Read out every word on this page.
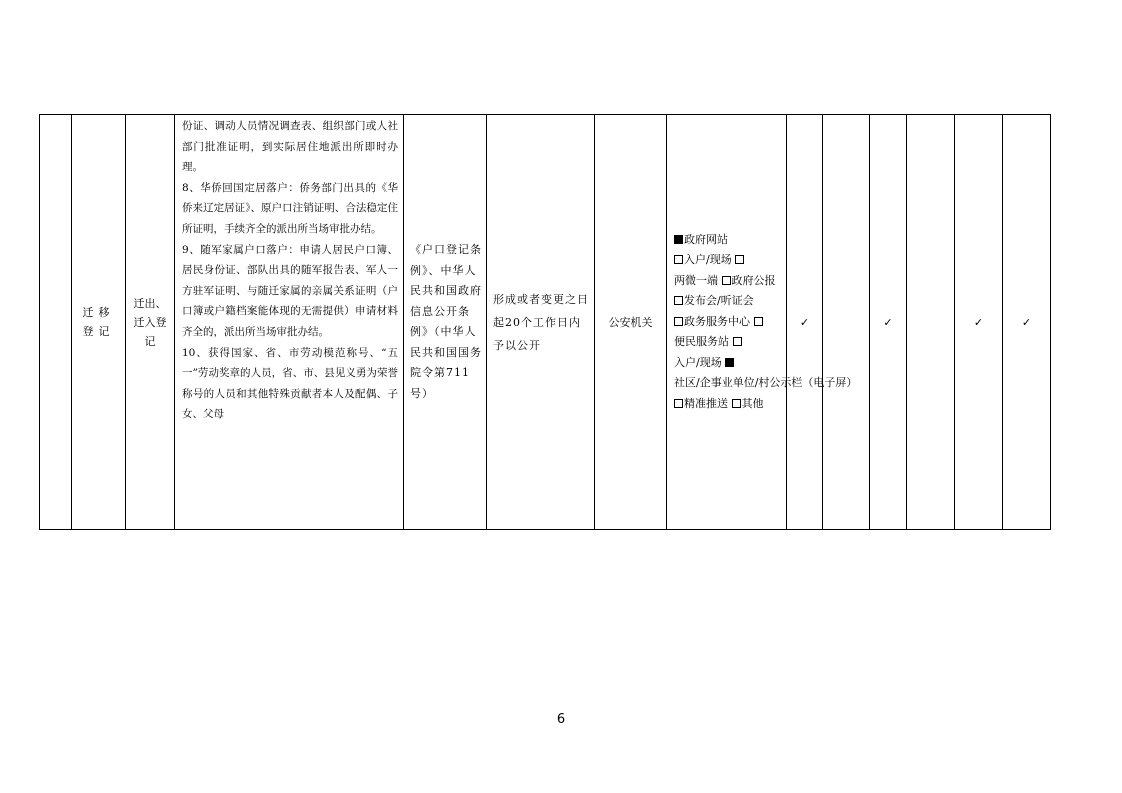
	迁移登记	迁出、迁入登记	

份证、调动人员情况调查表、组织部门或人社部门批准证明，到实际居住地派出所即时办理。

8、华侨回国定居落户：侨务部门出具的《华侨来辽定居证》、原户口注销证明、合法稳定住所证明，手续齐全的派出所当场审批办结。

9、随军家属户口落户：申请人居民户口簿、居民身份证、部队出具的随军报告表、军人一方驻军证明、与随迁家属的亲属关系证明（户口簿或户籍档案能体现的无需提供）申请材料齐全的，派出所当场审批办结。

10、获得国家、省、市劳动模范称号、“五一”劳动奖章的人员，省、市、县见义勇为荣誉称号的人员和其他特殊贡献者本人及配偶、子女、父母

	《户口登记条例》、中华人民共和国政府信息公开条例》（中华人民共和国国务院令第711号）	形成或者变更之日起20个工作日内予以公开	公安机关	政府网站
入户/现场 两微一端 政府公报
发布会/听证会
政务服务中心 便民服务站 入户/现场 社区/企事业单位/村公示栏（电子屏）
精准推送 其他	✓		✓		✓	✓
6
